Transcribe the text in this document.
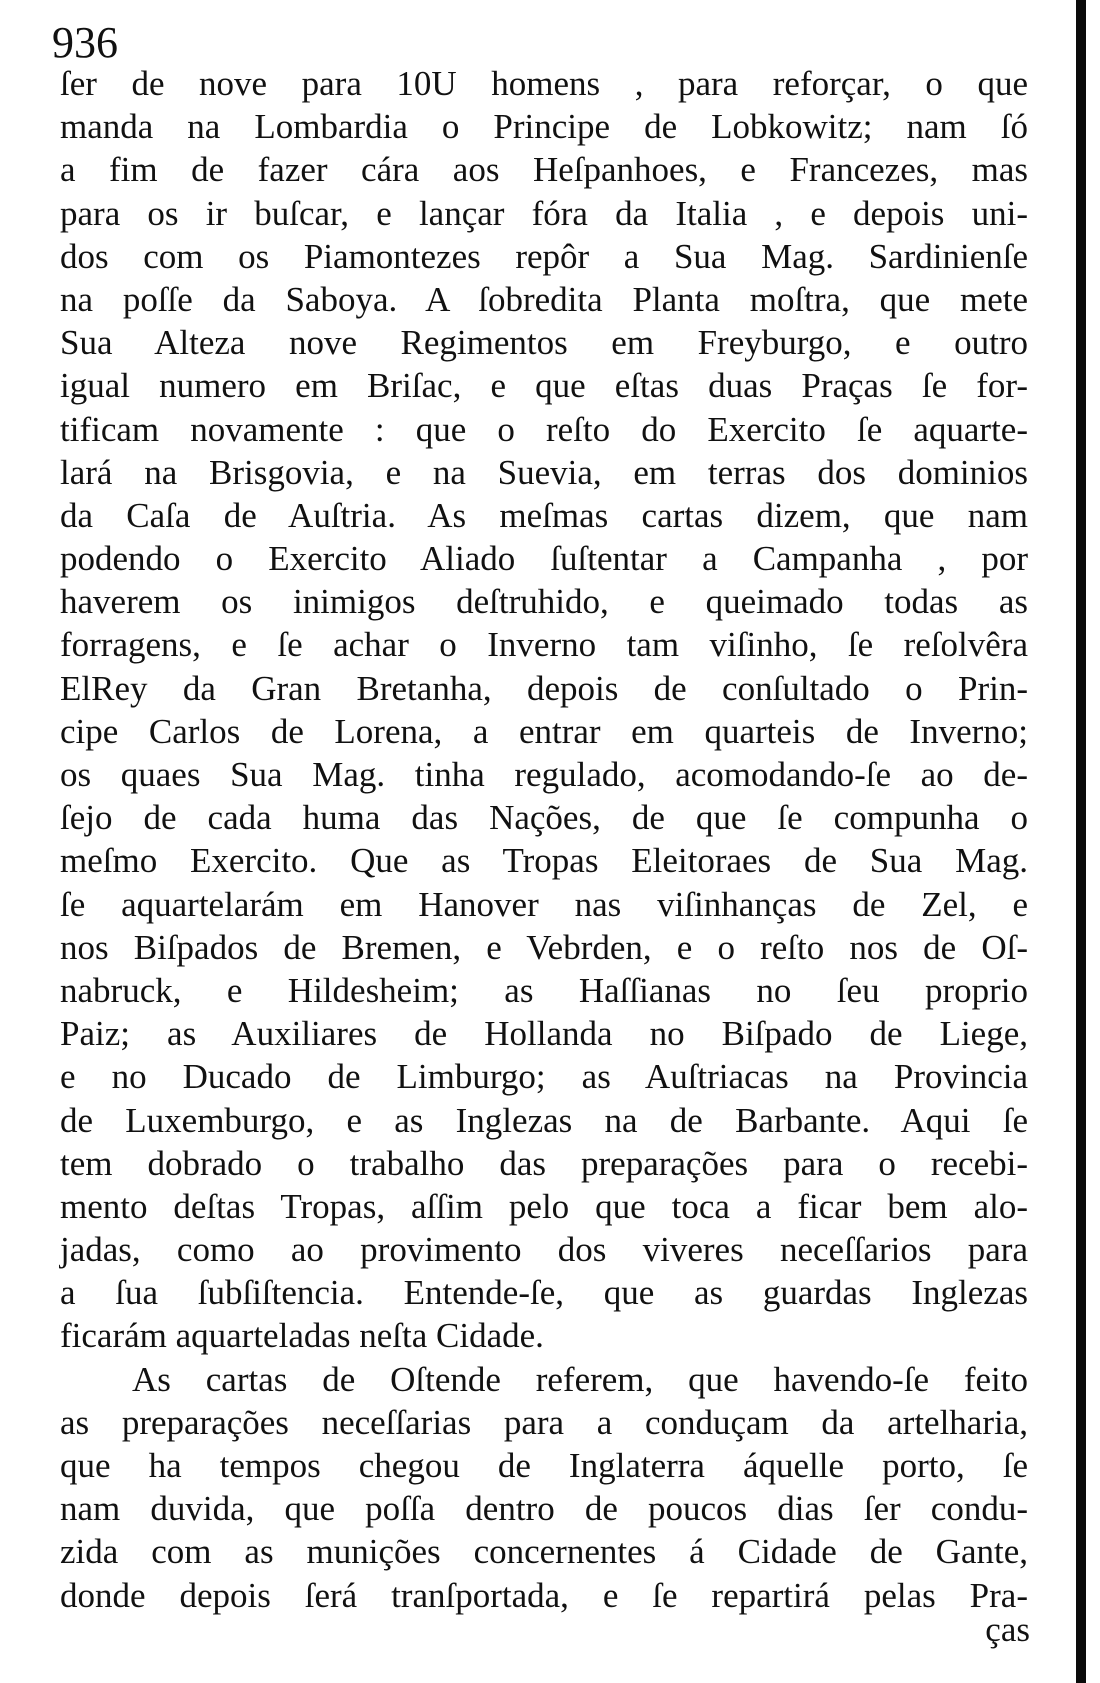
936
ſer de nove para 10U homens , para reforçar, o que
manda na Lombardia o Principe de Lobkowitz; nam ſó
a fim de fazer cára aos Heſpanhoes, e Francezes, mas
para os ir buſcar, e lançar fóra da Italia , e depois uni-
dos com os Piamontezes repôr a Sua Mag. Sardinienſe
na poſſe da Saboya. A ſobredita Planta moſtra, que mete
Sua Alteza nove Regimentos em Freyburgo, e outro
igual numero em Briſac, e que eſtas duas Praças ſe for-
tificam novamente : que o reſto do Exercito ſe aquarte-
lará na Brisgovia, e na Suevia, em terras dos dominios
da Caſa de Auſtria. As meſmas cartas dizem, que nam
podendo o Exercito Aliado ſuſtentar a Campanha , por
haverem os inimigos deſtruhido, e queimado todas as
forragens, e ſe achar o Inverno tam viſinho, ſe reſolvêra
ElRey da Gran Bretanha, depois de conſultado o Prin-
cipe Carlos de Lorena, a entrar em quarteis de Inverno;
os quaes Sua Mag. tinha regulado, acomodando-ſe ao de-
ſejo de cada huma das Nações, de que ſe compunha o
meſmo Exercito. Que as Tropas Eleitoraes de Sua Mag.
ſe aquartelarám em Hanover nas viſinhanças de Zel, e
nos Biſpados de Bremen, e Vebrden, e o reſto nos de Oſ-
nabruck, e Hildesheim; as Haſſianas no ſeu proprio
Paiz; as Auxiliares de Hollanda no Biſpado de Liege,
e no Ducado de Limburgo; as Auſtriacas na Provincia
de Luxemburgo, e as Inglezas na de Barbante. Aqui ſe
tem dobrado o trabalho das preparações para o recebi-
mento deſtas Tropas, aſſim pelo que toca a ficar bem alo-
jadas, como ao provimento dos viveres neceſſarios para
a ſua ſubſiſtencia. Entende-ſe, que as guardas Inglezas
ficarám aquarteladas neſta Cidade.
As cartas de Oſtende referem, que havendo-ſe feito
as preparações neceſſarias para a conduçam da artelharia,
que ha tempos chegou de Inglaterra áquelle porto, ſe
nam duvida, que poſſa dentro de poucos dias ſer condu-
zida com as munições concernentes á Cidade de Gante,
donde depois ſerá tranſportada, e ſe repartirá pelas Pra-
ças
